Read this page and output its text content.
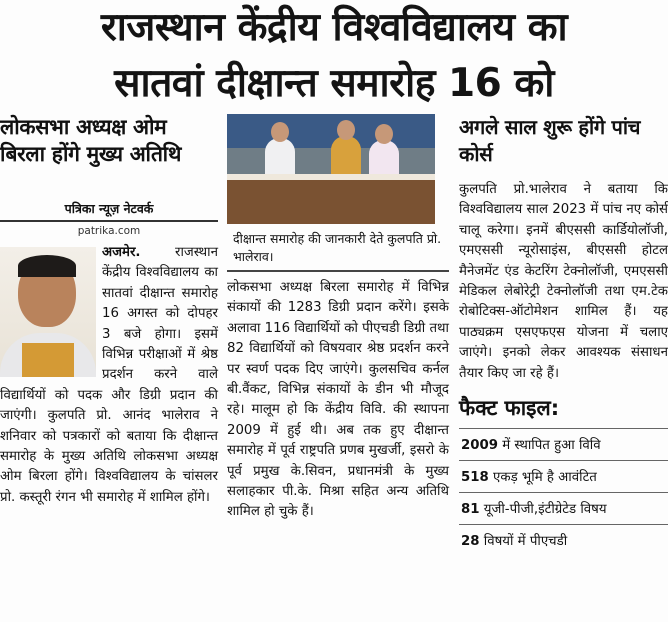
राजस्थान केंद्रीय विश्वविद्यालय का
सातवां दीक्षान्त समारोह 16 को
लोकसभा अध्यक्ष ओम बिरला होंगे मुख्य अतिथि
पत्रिका न्यूज़ नेटवर्क
patrika.com
अजमेर.	राजस्थान केंद्रीय विश्वविद्यालय का सातवां दीक्षान्त समारोह 16 अगस्त को दोपहर 3 बजे होगा। इसमें विभिन्न परीक्षाओं में श्रेष्ठ प्रदर्शन करने वाले विद्यार्थियों को पदक और डिग्री प्रदान की जाएंगी। कुलपति प्रो. आनंद भालेराव ने शनिवार को पत्रकारों को बताया कि दीक्षान्त समारोह के मुख्य अतिथि लोकसभा अध्यक्ष ओम बिरला होंगे। विश्वविद्यालय के चांसलर प्रो. कस्तूरी रंगन भी समारोह में शामिल होंगे।
दीक्षान्त समारोह की जानकारी देते कुलपति प्रो. भालेराव।
लोकसभा अध्यक्ष बिरला समारोह में विभिन्न संकायों की 1283 डिग्री प्रदान करेंगे। इसके अलावा 116 विद्यार्थियों को पीएचडी डिग्री तथा 82 विद्यार्थियों को विषयवार श्रेष्ठ प्रदर्शन करने पर स्वर्ण पदक दिए जाएंगे। कुलसचिव कर्नल बी.वैंकट, विभिन्न संकायों के डीन भी मौजूद रहे। मालूम हो कि केंद्रीय विवि. की स्थापना 2009 में हुई थी। अब तक हुए दीक्षान्त समारोह में पूर्व राष्ट्रपति प्रणब मुखर्जी, इसरो के पूर्व प्रमुख के.सिवन, प्रधानमंत्री के मुख्य सलाहकार पी.के. मिश्रा सहित अन्य अतिथि शामिल हो चुके हैं।
अगले साल शुरू होंगे पांच कोर्स
कुलपति प्रो.भालेराव ने बताया कि विश्वविद्यालय साल 2023 में पांच नए कोर्स चालू करेगा। इनमें बीएससी कार्डियोलॉजी, एमएससी न्यूरोसाइंस, बीएससी होटल मैनेजमेंट एंड केटरिंग टेक्नोलॉजी, एमएससी मेडिकल लेबोरेट्री टेक्नोलॉजी तथा एम.टेक रोबोटिक्स-ऑटोमेशन शामिल हैं। यह पाठ्यक्रम एसएफएस योजना में चलाए जाएंगे। इनको लेकर आवश्यक संसाधन तैयार किए जा रहे हैं।
फैक्ट फाइल:
2009 में स्थापित हुआ विवि
518 एकड़ भूमि है आवंटित
81 यूजी-पीजी,इंटीग्रेटेड विषय
28 विषयों में पीएचडी
